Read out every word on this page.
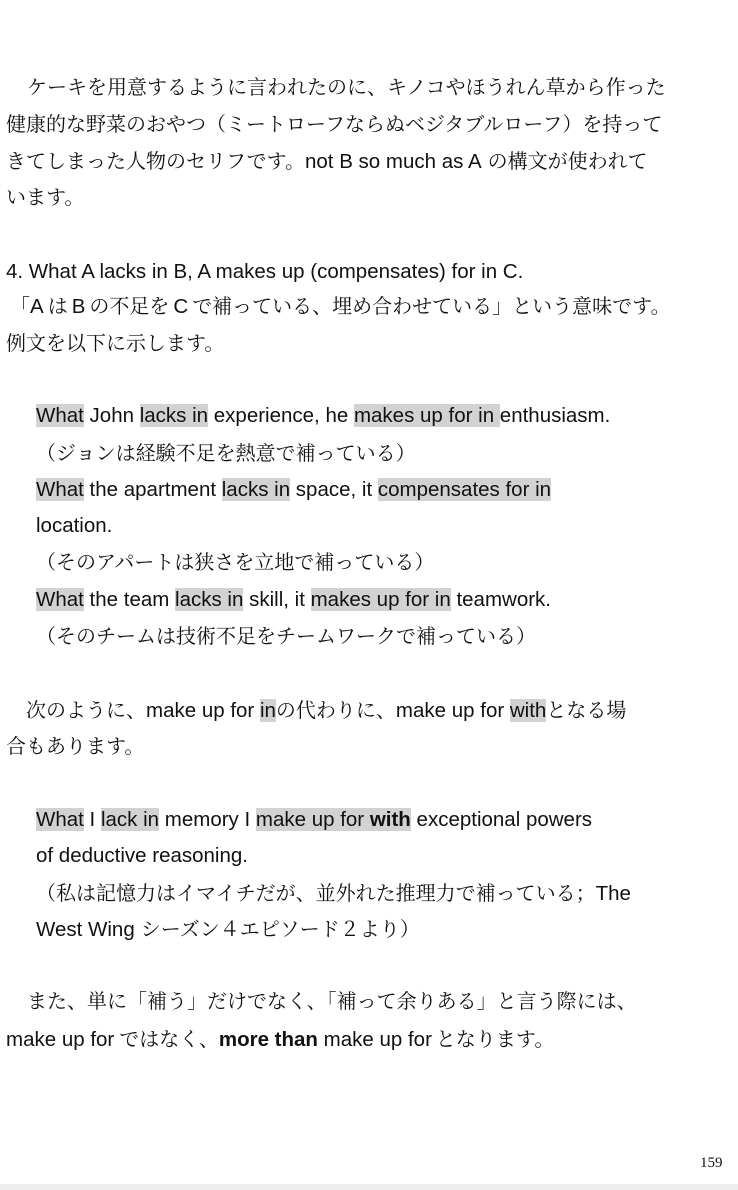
ケーキを用意するように言われたのに、キノコやほうれん草から作った
健康的な野菜のおやつ（ミートローフならぬベジタブルローフ）を持って
きてしまった人物のセリフです。not B so much as A の構文が使われて
います。
4. What A lacks in B, A makes up (compensates) for in C.
「A は B の不足を C で補っている、埋め合わせている」という意味です。
例文を以下に示します。
What John lacks in experience, he makes up for in enthusiasm.
（ジョンは経験不足を熱意で補っている）
What the apartment lacks in space, it compensates for in
location.
（そのアパートは狭さを立地で補っている）
What the team lacks in skill, it makes up for in teamwork.
（そのチームは技術不足をチームワークで補っている）
次のように、make up for inの代わりに、make up for withとなる場
合もあります。
What I lack in memory I make up for with exceptional powers
of deductive reasoning.
（私は記憶力はイマイチだが、並外れた推理力で補っている；The
West Wing シーズン４エピソード２より）
また、単に「補う」だけでなく、「補って余りある」と言う際には、
make up for ではなく、more than make up for となります。
159
